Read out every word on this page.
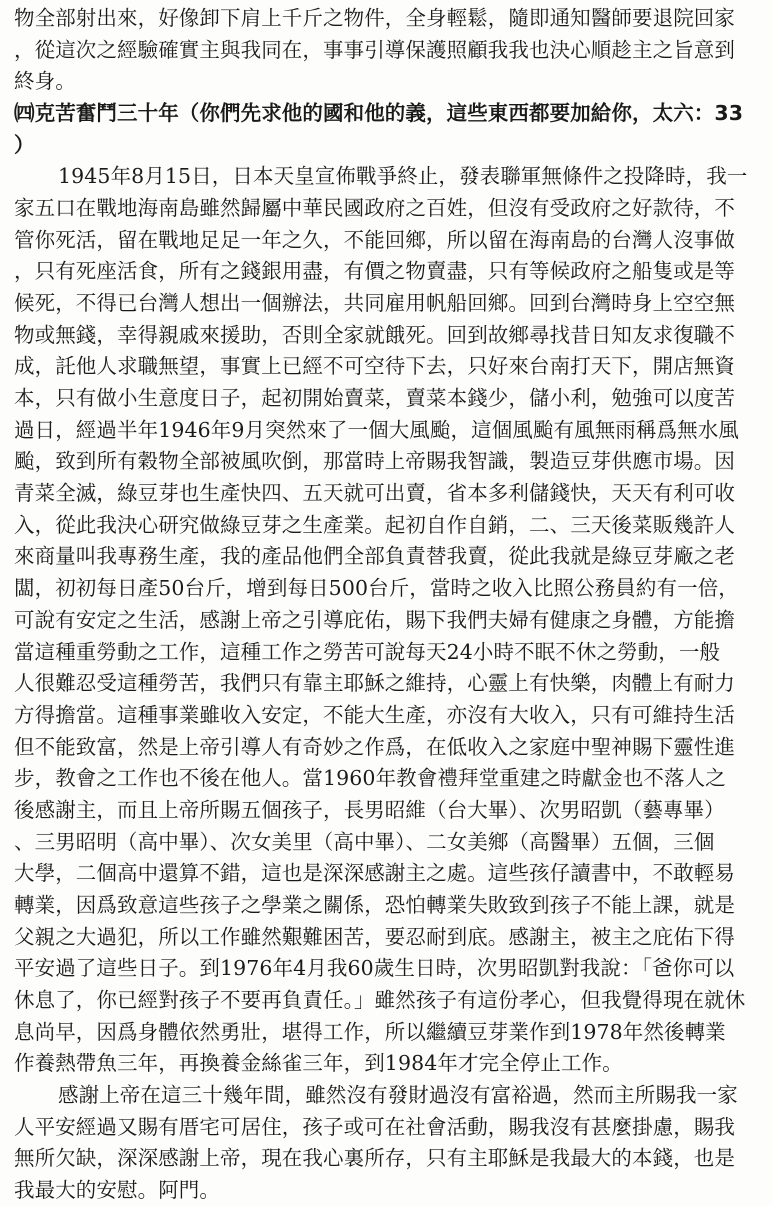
物全部射出來，好像卸下肩上千斤之物件，全身輕鬆，隨即通知醫師要退院回家
，從這次之經驗確實主與我同在，事事引導保護照顧我我也決心順趁主之旨意到
終身。
㈣克苦奮鬥三十年（你們先求他的國和他的義，這些東西都要加給你，太六：33
）
1945年8月15日，日本天皇宣佈戰爭終止，發表聯軍無條件之投降時，我一
家五口在戰地海南島雖然歸屬中華民國政府之百姓，但沒有受政府之好款待，不
管你死活，留在戰地足足一年之久，不能回鄉，所以留在海南島的台灣人沒事做
，只有死座活食，所有之錢銀用盡，有價之物賣盡，只有等候政府之船隻或是等
候死，不得已台灣人想出一個辦法，共同雇用帆船回鄉。回到台灣時身上空空無
物或無錢，幸得親戚來援助，否則全家就餓死。回到故鄉尋找昔日知友求復職不
成，託他人求職無望，事實上已經不可空待下去，只好來台南打天下，開店無資
本，只有做小生意度日子，起初開始賣菜，賣菜本錢少，儲小利，勉強可以度苦
過日，經過半年1946年9月突然來了一個大風颱，這個風颱有風無雨稱爲無水風
颱，致到所有穀物全部被風吹倒，那當時上帝賜我智識，製造豆芽供應市場。因
青菜全滅，綠豆芽也生產快四、五天就可出賣，省本多利儲錢快，天天有利可收
入，從此我決心研究做綠豆芽之生產業。起初自作自銷，二、三天後菜販幾許人
來商量叫我專務生產，我的產品他們全部負責替我賣，從此我就是綠豆芽廠之老
闆，初初每日產50台斤，增到每日500台斤，當時之收入比照公務員約有一倍，
可說有安定之生活，感謝上帝之引導庇佑，賜下我們夫婦有健康之身體，方能擔
當這種重勞動之工作，這種工作之勞苦可說每天24小時不眠不休之勞動，一般
人很難忍受這種勞苦，我們只有靠主耶穌之維持，心靈上有快樂，肉體上有耐力
方得擔當。這種事業雖收入安定，不能大生產，亦沒有大收入，只有可維持生活
但不能致富，然是上帝引導人有奇妙之作爲，在低收入之家庭中聖神賜下靈性進
步，教會之工作也不後在他人。當1960年教會禮拜堂重建之時獻金也不落人之
後感謝主，而且上帝所賜五個孩子，長男昭維（台大畢）、次男昭凱（藝專畢）
、三男昭明（高中畢）、次女美里（高中畢）、二女美鄉（高醫畢）五個，三個
大學，二個高中還算不錯，這也是深深感謝主之處。這些孩仔讀書中，不敢輕易
轉業，因爲致意這些孩子之學業之關係，恐怕轉業失敗致到孩子不能上課，就是
父親之大過犯，所以工作雖然艱難困苦，要忍耐到底。感謝主，被主之庇佑下得
平安過了這些日子。到1976年4月我60歲生日時，次男昭凱對我說：「爸你可以
休息了，你已經對孩子不要再負責任。」雖然孩子有這份孝心，但我覺得現在就休
息尚早，因爲身體依然勇壯，堪得工作，所以繼續豆芽業作到1978年然後轉業
作養熱帶魚三年，再換養金絲雀三年，到1984年才完全停止工作。
感謝上帝在這三十幾年間，雖然沒有發財過沒有富裕過，然而主所賜我一家
人平安經過又賜有厝宅可居住，孩子或可在社會活動，賜我沒有甚麼掛慮，賜我
無所欠缺，深深感謝上帝，現在我心裏所存，只有主耶穌是我最大的本錢，也是
我最大的安慰。阿門。
